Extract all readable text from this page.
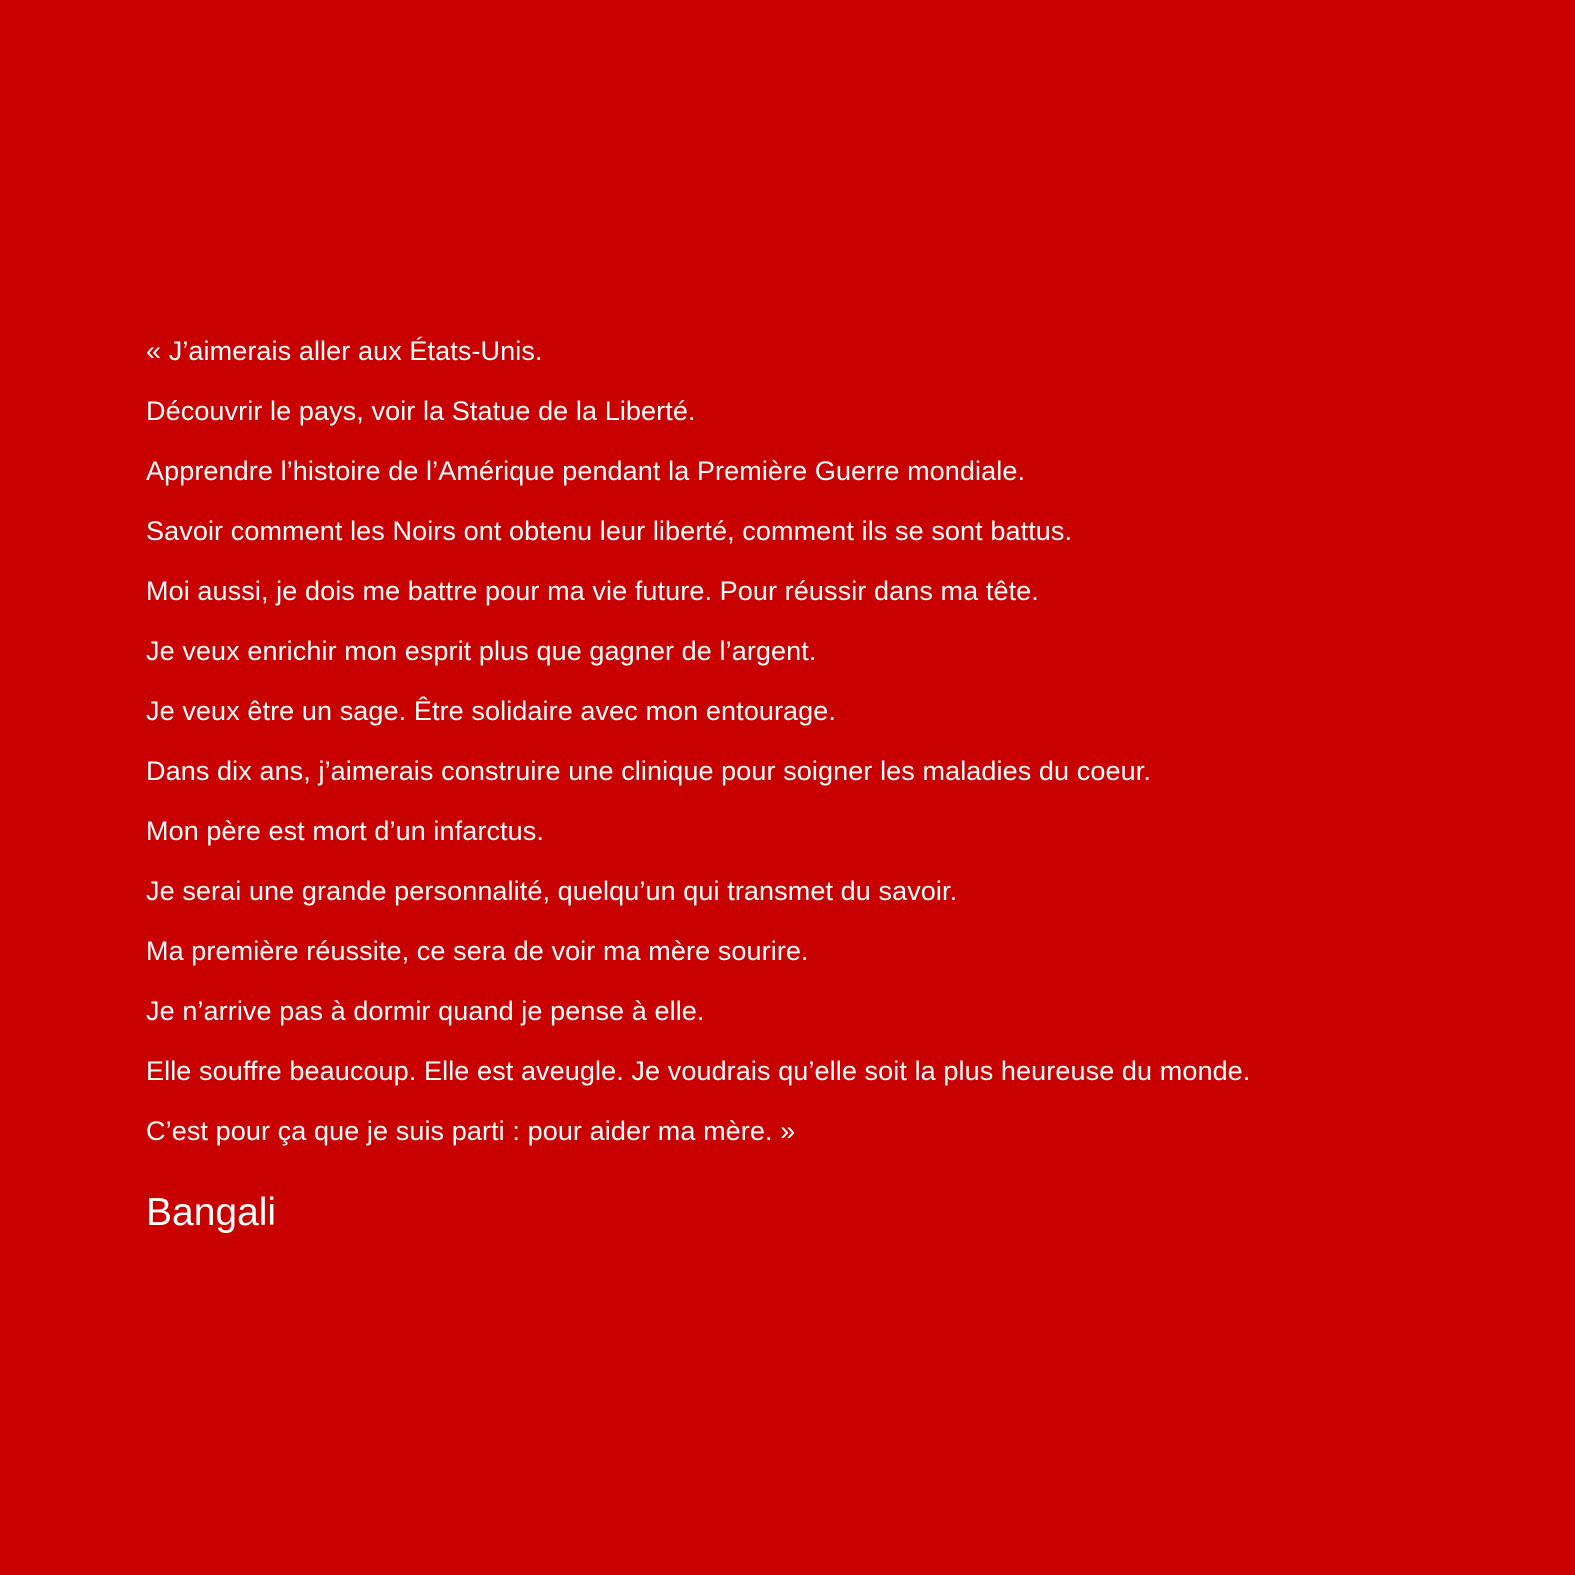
« J’aimerais aller aux États-Unis.
Découvrir le pays, voir la Statue de la Liberté.
Apprendre l’histoire de l’Amérique pendant la Première Guerre mondiale.
Savoir comment les Noirs ont obtenu leur liberté, comment ils se sont battus.
Moi aussi, je dois me battre pour ma vie future. Pour réussir dans ma tête.
Je veux enrichir mon esprit plus que gagner de l’argent.
Je veux être un sage. Être solidaire avec mon entourage.
Dans dix ans, j’aimerais construire une clinique pour soigner les maladies du coeur.
Mon père est mort d’un infarctus.
Je serai une grande personnalité, quelqu’un qui transmet du savoir.
Ma première réussite, ce sera de voir ma mère sourire.
Je n’arrive pas à dormir quand je pense à elle.
Elle souffre beaucoup. Elle est aveugle. Je voudrais qu’elle soit la plus heureuse du monde.
C’est pour ça que je suis parti : pour aider ma mère. »
Bangali
